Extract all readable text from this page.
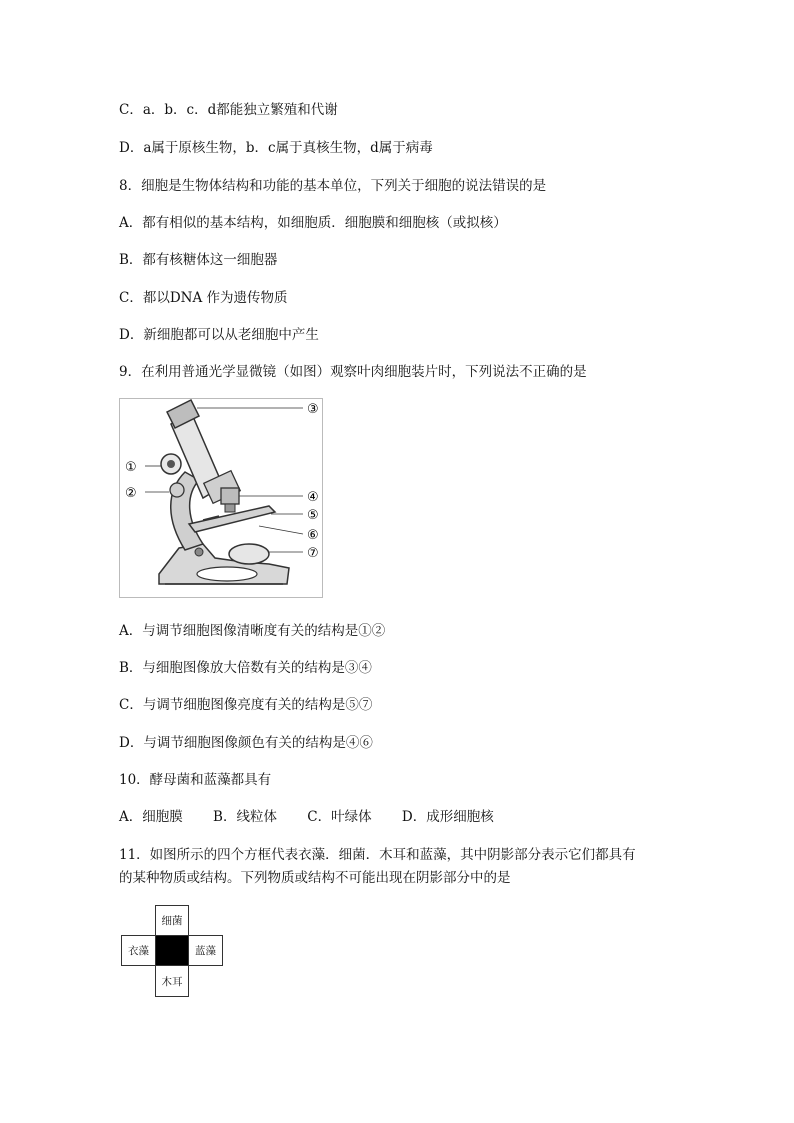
C．a．b．c．d都能独立繁殖和代谢
D．a属于原核生物，b．c属于真核生物，d属于病毒
8．细胞是生物体结构和功能的基本单位，下列关于细胞的说法错误的是
A．都有相似的基本结构，如细胞质．细胞膜和细胞核（或拟核）
B．都有核糖体这一细胞器
C．都以DNA 作为遗传物质
D．新细胞都可以从老细胞中产生
9．在利用普通光学显微镜（如图）观察叶肉细胞装片时，下列说法不正确的是
③
①
②	④
⑤
⑥
⑦
A．与调节细胞图像清晰度有关的结构是①②
B．与细胞图像放大倍数有关的结构是③④
C．与调节细胞图像亮度有关的结构是⑤⑦
D．与调节细胞图像颜色有关的结构是④⑥
10．酵母菌和蓝藻都具有
A．细胞膜 B．线粒体 C．叶绿体 D．成形细胞核
11．如图所示的四个方框代表衣藻．细菌．木耳和蓝藻，其中阴影部分表示它们都具有
的某种物质或结构。下列物质或结构不可能出现在阴影部分中的是
细菌
衣藻	蓝藻
木耳
